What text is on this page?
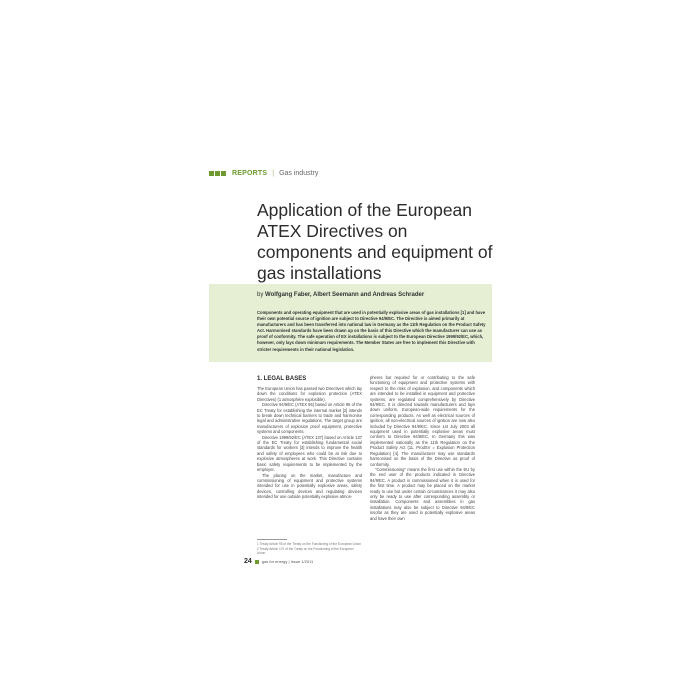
REPORTS | Gas industry
Application of the European
ATEX Directives on
components and equipment of
gas installations
by Wolfgang Faber, Albert Seemann and Andreas Schrader

Components and operating equipment that are used in potentially explosive areas of gas installations [1] and have their own potential source of ignition are subject to Directive 94/9/EC. The Directive is aimed primarily at manufacturers and has been transferred into national law in Germany as the 11th Regulation on the Product Safety Act. Harmonised standards have been drawn up on the basis of this Directive which the manufacturer can use as proof of conformity. The safe operation of EX installations is subject to the European Directive 1999/92/EC, which, however, only lays down minimum requirements. The Member States are free to implement this Directive with stricter requirements in their national legislation.

1. LEGAL BASES

The European Union has passed two Directives which lay down the conditions for explosion protection (ATEX Directives) (1 atmosphère explosible).

Directive 94/9/EC (ATEX 95) based on Article 95 of the EC Treaty for establishing the internal market [2] intends to break down technical barriers to trade and harmonise legal and administrative regulations. The target group are manufacturers of explosion proof equipment, protective systems and components.

Directive 1999/92/EC (ATEX 137) based on Article 137 of the EC Treaty for establishing fundamental social standards for workers [3] intends to improve the health and safety of employees who could be at risk due to explosive atmospheres at work. This Directive contains basic safety requirements to be implemented by the employer.

The placing on the market, manufacture and commissioning of equipment and protective systems intended for use in potentially explosive areas, safety devices, controlling devices and regulating devices intended for use outside potentially explosive atmos-

pheres but required for or contributing to the safe functioning of equipment and protective systems with respect to the risks of explosion, and components which are intended to be installed in equipment and protective systems, are regulated comprehensively by Directive 94/9/EC. It is directed towards manufacturers and lays down uniform, European-wide requirements for the corresponding products. As well as electrical sources of ignition, all non-electrical sources of ignition are now also included by Directive 94/9/EC. Since 1st July 2003 all equipment used in potentially explosive areas must conform to Directive 94/9/EC. In Germany this was implemented nationally as the 11th Regulation on the Product Safety Act (11. ProdSV = Explosion Protection Regulation) [4]. The manufacturer may use standards harmonised on the basis of the Directive as proof of conformity.

"Commissioning" means the first use within the EU by the end user of the products indicated in Directive 94/9/EC. A product is commissioned when it is used for the first time. A product may be placed on the market ready to use but under certain circumstances it may also only be ready to use after corresponding assembly or installation. Components and assemblies in gas installations may also be subject to Directive 94/9/EC insofar as they are used in potentially explosive areas and have their own

1 Treaty Article 95 of the Treaty on the Functioning of the European Union
2 Treaty Article 137 of the Treaty on the Functioning of the European Union
24	gas for energy | Issue 1/2011
